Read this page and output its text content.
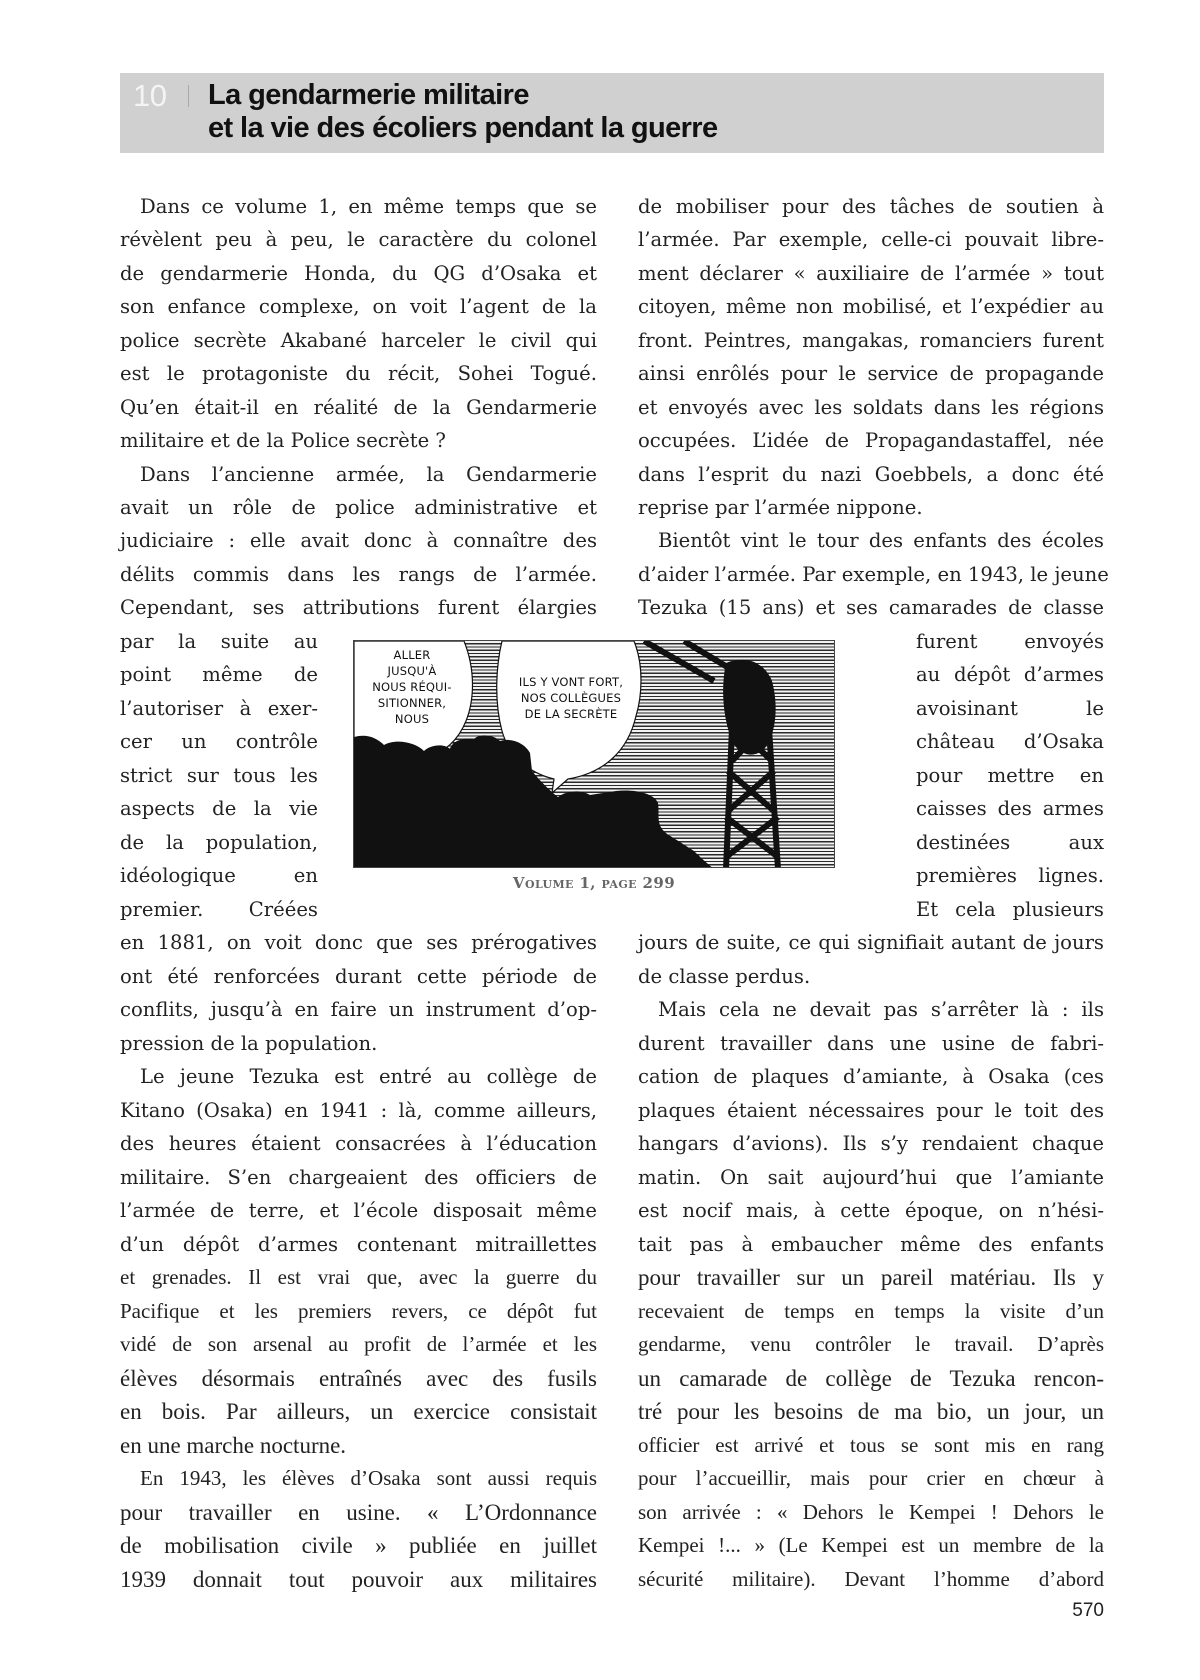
10 La gendarmerie militaire
et la vie des écoliers pendant la guerre
Dans ce volume 1, en même temps que se
révèlent peu à peu, le caractère du colonel
de gendarmerie Honda, du QG d’Osaka et
son enfance complexe, on voit l’agent de la
police secrète Akabané harceler le civil qui
est le protagoniste du récit, Sohei Togué.
Qu’en était-il en réalité de la Gendarmerie
militaire et de la Police secrète ?
Dans l’ancienne armée, la Gendarmerie
avait un rôle de police administrative et
judiciaire : elle avait donc à connaître des
délits commis dans les rangs de l’armée.
Cependant, ses attributions furent élargies
par la suite au
point même de
l’autoriser à exer-
cer un contrôle
strict sur tous les
aspects de la vie
de la population,
idéologique en
premier. Créées
en 1881, on voit donc que ses prérogatives
ont été renforcées durant cette période de
conflits, jusqu’à en faire un instrument d’op-
pression de la population.
Le jeune Tezuka est entré au collège de
Kitano (Osaka) en 1941 : là, comme ailleurs,
des heures étaient consacrées à l’éducation
militaire. S’en chargeaient des officiers de
l’armée de terre, et l’école disposait même
d’un dépôt d’armes contenant mitraillettes
et grenades. Il est vrai que, avec la guerre du
Pacifique et les premiers revers, ce dépôt fut
vidé de son arsenal au profit de l’armée et les
élèves désormais entraînés avec des fusils
en bois. Par ailleurs, un exercice consistait
en une marche nocturne.
En 1943, les élèves d’Osaka sont aussi requis
pour travailler en usine. « L’Ordonnance
de mobilisation civile » publiée en juillet
1939 donnait tout pouvoir aux militaires
de mobiliser pour des tâches de soutien à
l’armée. Par exemple, celle-ci pouvait libre-
ment déclarer « auxiliaire de l’armée » tout
citoyen, même non mobilisé, et l’expédier au
front. Peintres, mangakas, romanciers furent
ainsi enrôlés pour le service de propagande
et envoyés avec les soldats dans les régions
occupées. L’idée de Propagandastaffel, née
dans l’esprit du nazi Goebbels, a donc été
reprise par l’armée nippone.
Bientôt vint le tour des enfants des écoles
d’aider l’armée. Par exemple, en 1943, le jeune
Tezuka (15 ans) et ses camarades de classe
furent envoyés
au dépôt d’armes
avoisinant le
château d’Osaka
pour mettre en
caisses des armes
destinées aux
premières lignes.
Et cela plusieurs
jours de suite, ce qui signifiait autant de jours
de classe perdus.
Mais cela ne devait pas s’arrêter là : ils
durent travailler dans une usine de fabri-
cation de plaques d’amiante, à Osaka (ces
plaques étaient nécessaires pour le toit des
hangars d’avions). Ils s’y rendaient chaque
matin. On sait aujourd’hui que l’amiante
est nocif mais, à cette époque, on n’hési-
tait pas à embaucher même des enfants
pour travailler sur un pareil matériau. Ils y
recevaient de temps en temps la visite d’un
gendarme, venu contrôler le travail. D’après
un camarade de collège de Tezuka rencon-
tré pour les besoins de ma bio, un jour, un
officier est arrivé et tous se sont mis en rang
pour l’accueillir, mais pour crier en chœur à
son arrivée : « Dehors le Kempei ! Dehors le
Kempei !... » (Le Kempei est un membre de la
sécurité militaire). Devant l’homme d’abord
ALLER
JUSQU'À
NOUS RÉQUI-
SITIONNER,
NOUS
ILS Y VONT FORT,
NOS COLLÈGUES
DE LA SECRÈTE
Volume 1, page 299
570
